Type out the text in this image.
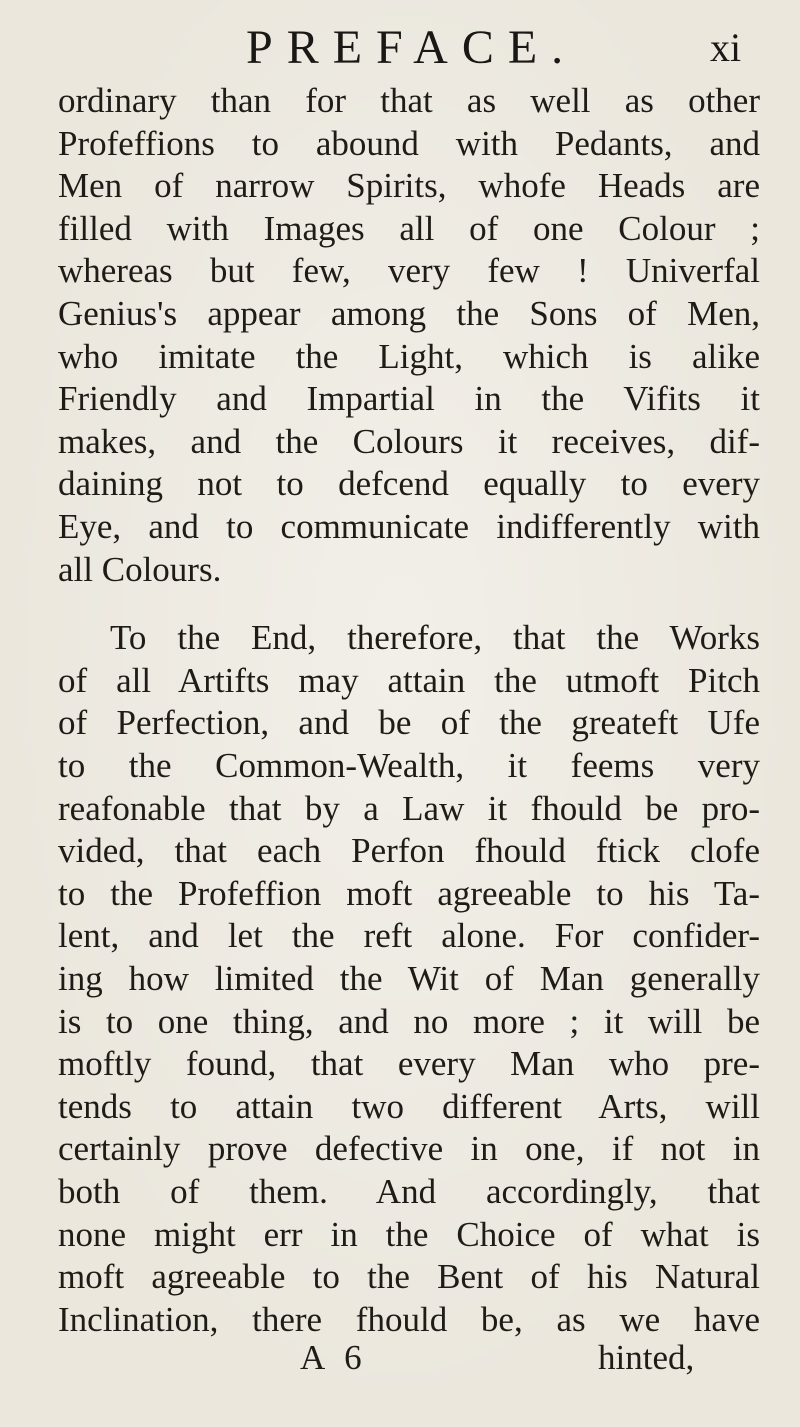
PREFACE.	xi
ordinary than for that as well as other
Profeffions to abound with Pedants, and
Men of narrow Spirits, whofe Heads are
filled with Images all of one Colour ;
whereas but few, very few ! Univerfal
Genius's appear among the Sons of Men,
who imitate the Light, which is alike
Friendly and Impartial in the Vifits it
makes, and the Colours it receives, dif-
daining not to defcend equally to every
Eye, and to communicate indifferently with
all Colours.
To the End, therefore, that the Works
of all Artifts may attain the utmoft Pitch
of Perfection, and be of the greateft Ufe
to the Common-Wealth, it feems very
reafonable that by a Law it fhould be pro-
vided, that each Perfon fhould ftick clofe
to the Profeffion moft agreeable to his Ta-
lent, and let the reft alone. For confider-
ing how limited the Wit of Man generally
is to one thing, and no more ; it will be
moftly found, that every Man who pre-
tends to attain two different Arts, will
certainly prove defective in one, if not in
both of them. And accordingly, that
none might err in the Choice of what is
moft agreeable to the Bent of his Natural
Inclination, there fhould be, as we have
A 6	hinted,
